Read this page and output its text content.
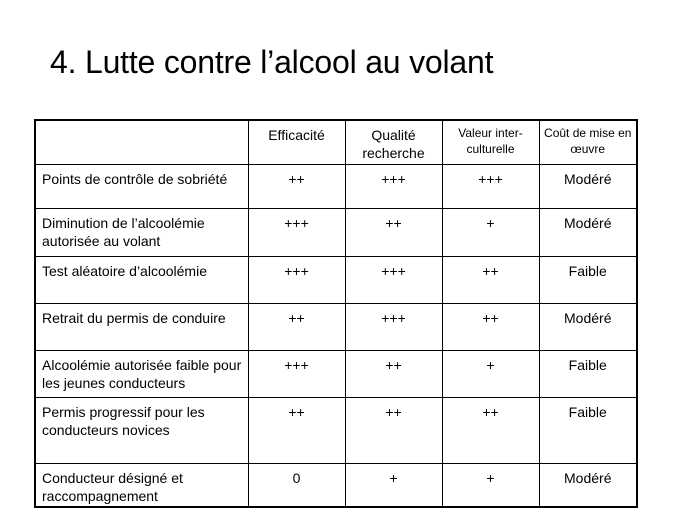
4. Lutte contre l’alcool au volant
	Efficacité	Qualité recherche	Valeur inter-culturelle	Coût de mise en œuvre
Points de contrôle de sobriété	++	+++	+++	Modéré
Diminution de l’alcoolémie autorisée au volant	+++	++	+	Modéré
Test aléatoire d’alcoolémie	+++	+++	++	Faible
Retrait du permis de conduire	++	+++	++	Modéré
Alcoolémie autorisée faible pour les jeunes conducteurs	+++	++	+	Faible
Permis progressif pour les conducteurs novices	++	++	++	Faible
Conducteur désigné et raccompagnement	0	+	+	Modéré
